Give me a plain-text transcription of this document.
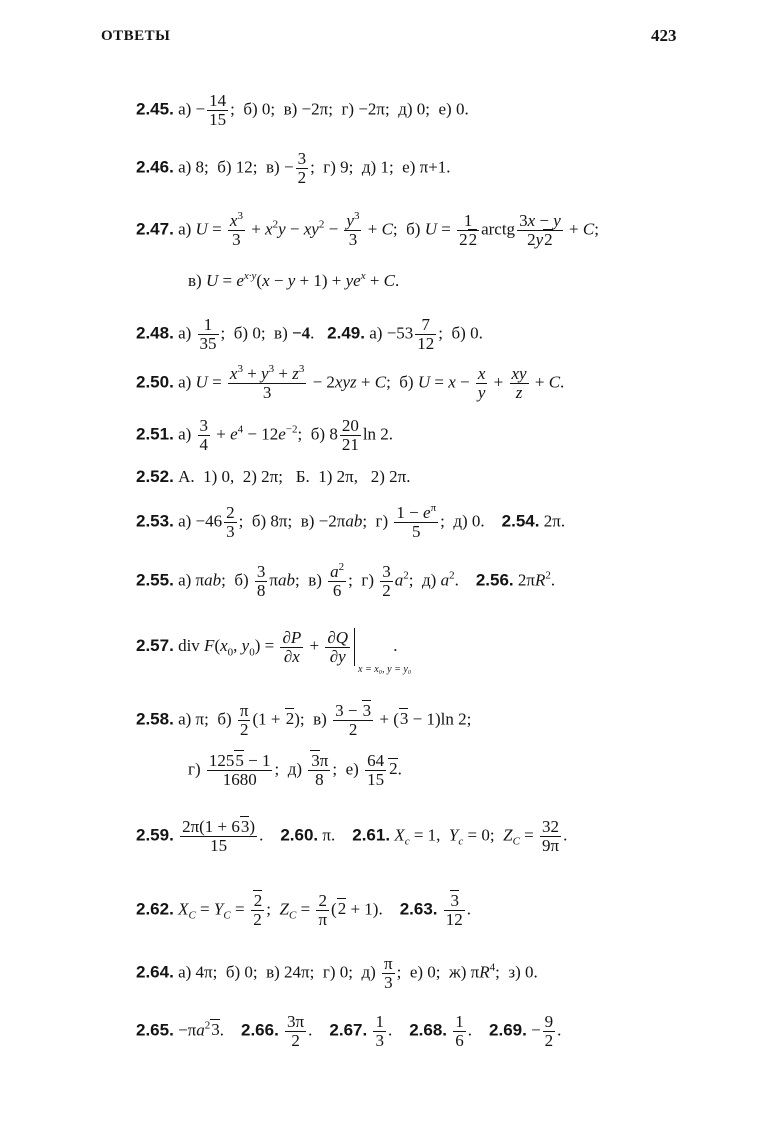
ОТВЕТЫ	423
2.45. $а) - \frac{14}{15}$ ;  б) 0;  в) −2π;  г) −2π;  д) 0;  е) 0.
2.46. а) 8;  б) 12;  $в) - \frac{3}{2}$ ;  г) 9;  д) 1;  е) π+1.
2.47. а) $U = \frac{x^3}{3} + x^2y - xy^2 - \frac{y^3}{3} + C$;  б) $U = \frac{1}{22}$ arctg $\frac{3x - y}{2y2} + C$;
в) $U = e^{x\cdot y}(x - y + 1) + ye^x + C$.
2.48. $а) \frac{1}{35}$ ;  б) 0;  в) −4.   2.49. $а) -53 \frac{7}{12}$ ;  б) 0.
2.50. а) $U = \frac{x^3 + y^3 + z^3}{3} - 2xyz + C$;  б) $U = x - \frac{x}{y} + \frac{xy}{z} + C$.
2.51. $а) \frac{3}{4} + e^4 - 12e^{-2}$;  б) $8 \frac{20}{21}$ ln 2.
2.52. А.  1) 0,  2) 2π;   Б.  1) 2π,   2) 2π.
2.53. $а) -46 \frac{2}{3}$ ;  б) 8π;  в) −2πab;  $г) \frac{1 - e^\pi}{5}$ ;  д) 0.    2.54. 2π.
2.55. а) πab;  $б) \frac{3}{8} \pi ab$;  $в) \frac{a^2}{6}$ ;  $г) \frac{3}{2} a^2$;  д) $a^2$.    2.56. $2\pi R^2$.
2.57. div $F(x_0$, $y_0) = \frac{\partial P}{\partial x} + \frac{\partial Q}{\partial y}$
x = x₀, y = y₀
.
2.58. а) π;  $б) \frac{\pi}{2} (1 + 2)$;  $в) \frac{3 - 3}{2} + (3 - 1)\ln$ 2;
$г) \frac{1255 - 1}{1680}$ ;  $д) \frac{3\pi}{8}$ ;  $е) \frac{64}{15} 2$.
2.59. $\frac{2\pi(1 + 63)}{15}$ .    2.60. π.    2.61. $X_c = 1$,  $Y_c = 0$;  $Z_C = \frac{32}{9\pi}$ .
2.62. $X_C = Y_C = \frac{2}{2}$ ;  $Z_C = \frac{2}{\pi} (2 + 1)$.    2.63. $\frac{3}{12}$ .
2.64. а) 4π;  б) 0;  в) 24π;  г) 0;  $д) \frac{\pi}{3}$ ;  е) 0;  ж) $\pi R^4$;  з) 0.
2.65. $-\pi a^23$.    2.66. $\frac{3\pi}{2}$ .    2.67. $\frac{1}{3}$ .    2.68. $\frac{1}{6}$ .    2.69. − $\frac{9}{2}$ .
